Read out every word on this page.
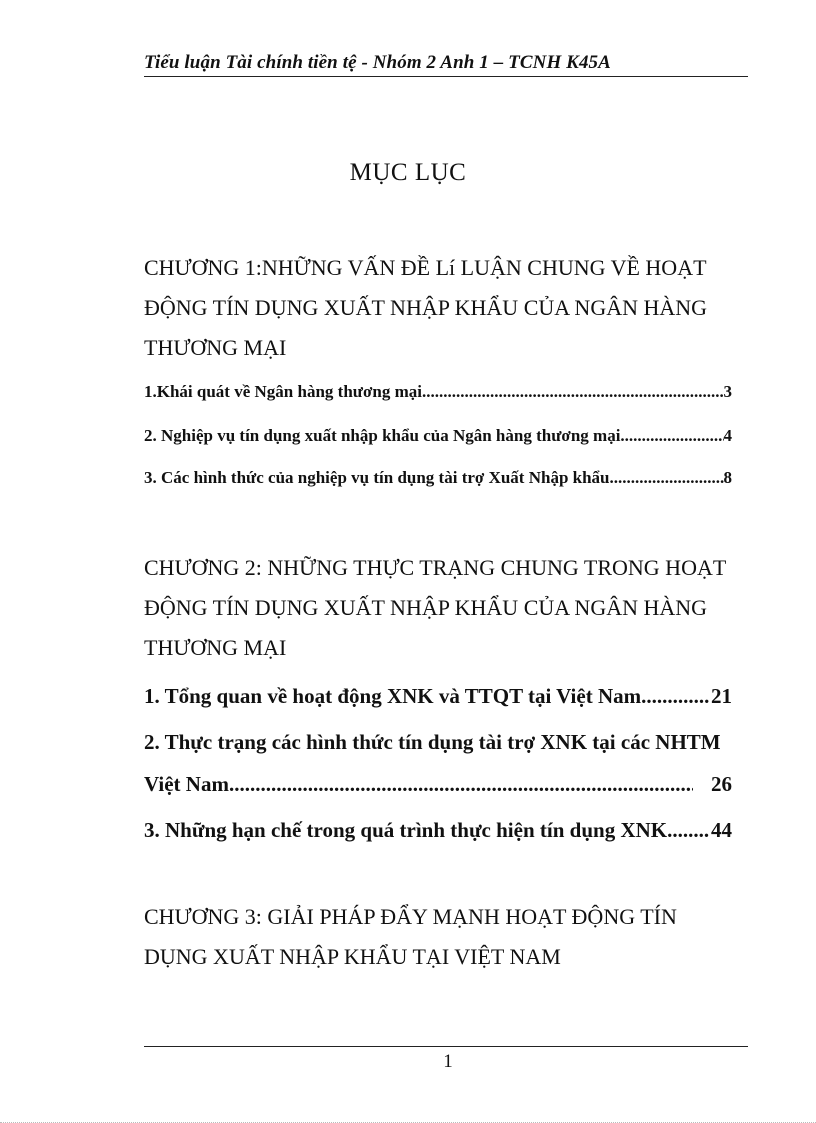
Tiểu luận Tài chính tiền tệ - Nhóm 2 Anh 1 – TCNH K45A
MỤC LỤC
CHƯƠNG 1:NHỮNG VẤN ĐỀ Lí LUẬN CHUNG VỀ HOẠT
ĐỘNG TÍN DỤNG XUẤT NHẬP KHẨU CỦA NGÂN HÀNG
THƯƠNG MẠI
1.Khái quát về Ngân hàng thương mại .....	3
2. Nghiệp vụ tín dụng xuất nhập khẩu của Ngân hàng thương mại .....	4
3. Các hình thức của nghiệp vụ tín dụng tài trợ Xuất Nhập khẩu .....	8
CHƯƠNG 2: NHỮNG THỰC TRẠNG CHUNG TRONG HOẠT
ĐỘNG TÍN DỤNG XUẤT NHẬP KHẨU CỦA NGÂN HÀNG
THƯƠNG MẠI
1. Tổng quan về hoạt động XNK và TTQT tại Việt Nam .....	21
2. Thực trạng các hình thức tín dụng tài trợ XNK tại các NHTM
Việt Nam .....	26
3. Những hạn chế trong quá trình thực hiện tín dụng XNK ..... 44
CHƯƠNG 3: GIẢI PHÁP ĐẨY MẠNH HOẠT ĐỘNG TÍN
DỤNG XUẤT NHẬP KHẨU TẠI VIỆT NAM
1
